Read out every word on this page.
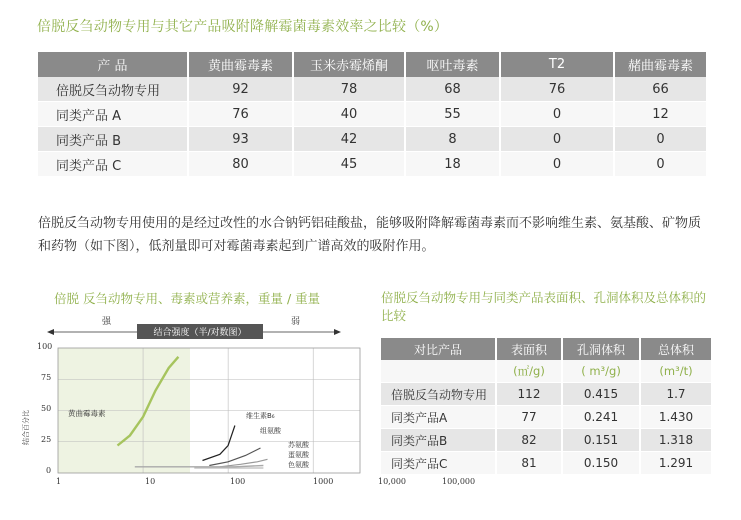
倍脱反刍动物专用与其它产品吸附降解霉菌毒素效率之比较（%）
产 品	黄曲霉毒素	玉米赤霉烯酮	呕吐毒素	T2	赭曲霉毒素
倍脱反刍动物专用	92	78	68	76	66
同类产品 A	76	40	55	0	12
同类产品 B	93	42	8	0	0
同类产品 C	80	45	18	0	0
倍脱反刍动物专用使用的是经过改性的水合钠钙铝硅酸盐，能够吸附降解霉菌毒素而不影响维生素、氨基酸、矿物质和药物（如下图），低剂量即可对霉菌毒素起到广谱高效的吸附作用。
倍脱 反刍动物专用、毒素或营养素，重量 / 重量
强	弱
结合强度（半/对数图）
结合百分比	黄曲霉毒素	维生素B₆
组氨酸
苏氨酸
蛋氨酸
色氨酸
100
75
50
25
0
1	10	100	1000	10,000	100,000
倍脱反刍动物专用与同类产品表面积、孔洞体积及总体积的比较
对比产品	表面积	孔洞体积	总体积
	(㎡/g)	( m³/g)	(m³/t)
倍脱反刍动物专用	112	0.415	1.7
同类产品A	77	0.241	1.430
同类产品B	82	0.151	1.318
同类产品C	81	0.150	1.291
